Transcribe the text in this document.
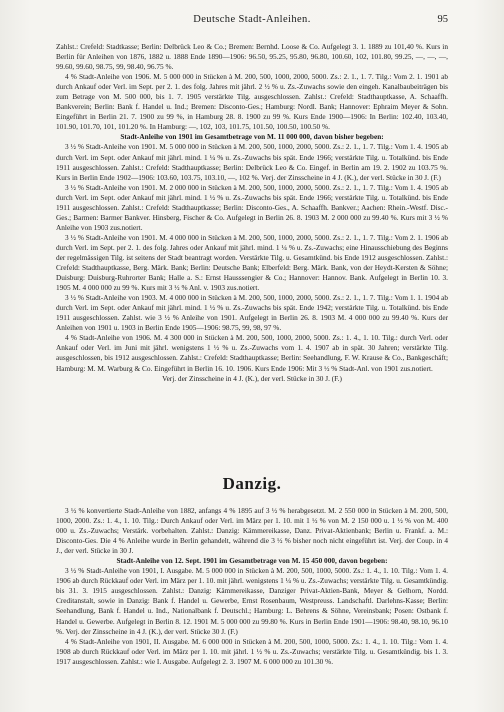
Deutsche Stadt-Anleihen.	95

Zahlst.: Crefeld: Stadtkasse; Berlin: Delbrück Leo & Co.; Bremen: Bernhd. Loose & Co. Aufgelegt 3. 1. 1889 zu 101,40 %. Kurs in Berlin für Anleihen von 1876, 1882 u. 1888 Ende 1890—1906: 96.50, 95.25, 95.80, 96.80, 100.60, 102, 101.80, 99.25, —, —, —, 99.60, 99.60, 98.75, 99, 98.40, 96.75 %.

4 % Stadt-Anleihe von 1906. M. 5 000 000 in Stücken à M. 200, 500, 1000, 2000, 5000. Zs.: 2. 1., 1. 7. Tilg.: Vom 2. 1. 1901 ab durch Ankauf oder Verl. im Sept. per 2. 1. des folg. Jahres mit jährl. 2 ½ % u. Zs.-Zuwachs sowie den eingeh. Kanalbaubeiträgen bis zum Betrage von M. 500 000, bis 1. 7. 1905 verstärkte Tilg. ausgeschlossen. Zahlst.: Crefeld: Stadthauptkasse, A. Schaaffh. Bankverein; Berlin: Bank f. Handel u. Ind.; Bremen: Disconto-Ges.; Hamburg: Nordl. Bank; Hannover: Ephraim Meyer & Sohn. Eingeführt in Berlin 21. 7. 1900 zu 99 %, in Hamburg 28. 8. 1900 zu 99 %. Kurs Ende 1900—1906: In Berlin: 102.40, 103.40, 101.90, 101.70, 101, 101.20 %. In Hamburg: —, 102, 103, 101.75, 101.50, 100.50, 100.50 %.

Stadt-Anleihe von 1901 im Gesamtbetrage von M. 11 000 000, davon bisher begeben:

3 ½ % Stadt-Anleihe von 1901. M. 5 000 000 in Stücken à M. 200, 500, 1000, 2000, 5000. Zs.: 2. 1., 1. 7. Tilg.: Vom 1. 4. 1905 ab durch Verl. im Sept. oder Ankauf mit jährl. mind. 1 ¼ % u. Zs.-Zuwachs bis spät. Ende 1966; verstärkte Tilg. u. Totalkünd. bis Ende 1911 ausgeschlossen. Zahlst.: Crefeld: Stadthauptkasse; Berlin: Delbrück Leo & Co. Eingef. in Berlin am 19. 2. 1902 zu 103.75 %. Kurs in Berlin Ende 1902—1906: 103.60, 103.75, 103.10, —, 102 %. Verj. der Zinsscheine in 4 J. (K.), der verl. Stücke in 30 J. (F.)

3 ½ % Stadt-Anleihe von 1901. M. 2 000 000 in Stücken à M. 200, 500, 1000, 2000, 5000. Zs.: 2. 1., 1. 7. Tilg.: Vom 1. 4. 1905 ab durch Verl. im Sept. oder Ankauf mit jährl. mind. 1 ½ % u. Zs.-Zuwachs bis spät. Ende 1966; verstärkte Tilg. u. Totalkünd. bis Ende 1911 ausgeschlossen. Zahlst.: Crefeld: Stadthauptkasse; Berlin: Disconto-Ges., A. Schaaffh. Bankver.; Aachen: Rhein.-Westf. Disc.-Ges.; Barmen: Barmer Bankver. Hinsberg, Fischer & Co. Aufgelegt in Berlin 26. 8. 1903 M. 2 000 000 zu 99.40 %. Kurs mit 3 ½ % Anleihe von 1903 zus.notiert.

3 ½ % Stadt-Anleihe von 1901. M. 4 000 000 in Stücken à M. 200, 500, 1000, 2000, 5000. Zs.: 2. 1., 1. 7. Tilg.: Vom 2. 1. 1906 ab durch Verl. im Sept. per 2. 1. des folg. Jahres oder Ankauf mit jährl. mind. 1 ¼ % u. Zs.-Zuwachs; eine Hinausschiebung des Beginns der regelmässigen Tilg. ist seitens der Stadt beantragt worden. Verstärkte Tilg. u. Gesamtkünd. bis Ende 1912 ausgeschlossen. Zahlst.: Crefeld: Stadthauptkasse, Berg. Märk. Bank; Berlin: Deutsche Bank; Elberfeld: Berg. Märk. Bank, von der Heydt-Kersten & Söhne; Duisburg: Duisburg-Ruhrorter Bank; Halle a. S.: Ernst Hausssengier & Co.; Hannover: Hannov. Bank. Aufgelegt in Berlin 10. 3. 1905 M. 4 000 000 zu 99 %. Kurs mit 3 ½ % Anl. v. 1903 zus.notiert.

3 ½ % Stadt-Anleihe von 1903. M. 4 000 000 in Stücken à M. 200, 500, 1000, 2000, 5000. Zs.: 2. 1., 1. 7. Tilg.: Vom 1. 1. 1904 ab durch Verl. im Sept. oder Ankauf mit jährl. mind. 1 ½ % u. Zs.-Zuwachs bis spät. Ende 1942; verstärkte Tilg. u. Totalkünd. bis Ende 1911 ausgeschlossen. Zahlst. wie 3 ½ % Anleihe von 1901. Aufgelegt in Berlin 26. 8. 1903 M. 4 000 000 zu 99.40 %. Kurs der Anleihen von 1901 u. 1903 in Berlin Ende 1905—1906: 98.75, 99, 98, 97 %.

4 % Stadt-Anleihe von 1906. M. 4 300 000 in Stücken à M. 200, 500, 1000, 2000, 5000. Zs.: 1. 4., 1. 10. Tilg.: durch Verl. oder Ankauf oder Verl. im Juni mit jährl. wenigstens 1 ½ % u. Zs.-Zuwachs vom 1. 4. 1907 ab in spät. 30 Jahren; verstärkte Tilg. ausgeschlossen, bis 1912 ausgeschlossen. Zahlst.: Crefeld: Stadthauptkasse; Berlin: Seehandlung, F. W. Krause & Co., Bankgeschäft; Hamburg: M. M. Warburg & Co. Eingeführt in Berlin 16. 10. 1906. Kurs Ende 1906: Mit 3 ½ % Stadt-Anl. von 1901 zus.notiert.

Verj. der Zinsscheine in 4 J. (K.), der verl. Stücke in 30 J. (F.)

Danzig.

3 ½ % konvertierte Stadt-Anleihe von 1882, anfangs 4 % 1895 auf 3 ½ % herabgesetzt. M. 2 550 000 in Stücken à M. 200, 500, 1000, 2000. Zs.: 1. 4., 1. 10. Tilg.: Durch Ankauf oder Verl. im März per 1. 10. mit 1 ½ % von M. 2 150 000 u. 1 ½ % von M. 400 000 u. Zs.-Zuwachs; Verstärk. vorbehalten. Zahlst.: Danzig: Kämmereikasse, Danz. Privat-Aktienbank; Berlin u. Frankf. a. M.: Disconto-Ges. Die 4 % Anleihe wurde in Berlin gehandelt, während die 3 ½ % bisher noch nicht eingeführt ist. Verj. der Coup. in 4 J., der verl. Stücke in 30 J.

Stadt-Anleihe von 12. Sept. 1901 im Gesamtbetrage von M. 15 450 000, davon begeben:

3 ½ % Stadt-Anleihe von 1901, I. Ausgabe. M. 5 000 000 in Stücken à M. 200, 500, 1000, 5000. Zs.: 1. 4., 1. 10. Tilg.: Vom 1. 4. 1906 ab durch Rückkauf oder Verl. im März per 1. 10. mit jährl. wenigstens 1 ¼ % u. Zs.-Zuwachs; verstärkte Tilg. u. Gesamtkündig. bis 31. 3. 1915 ausgeschlossen. Zahlst.: Danzig: Kämmereikasse, Danziger Privat-Aktien-Bank, Meyer & Gelhorn, Nordd. Creditanstalt, sowie in Danzig: Bank f. Handel u. Gewerbe, Ernst Rosenbaum, Westpreuss. Landschaftl. Darlehns-Kasse; Berlin: Seehandlung, Bank f. Handel u. Ind., Nationalbank f. Deutschl.; Hamburg: L. Behrens & Söhne, Vereinsbank; Posen: Ostbank f. Handel u. Gewerbe. Aufgelegt in Berlin 8. 12. 1901 M. 5 000 000 zu 99.80 %. Kurs in Berlin Ende 1901—1906: 98.40, 98.10, 96.10 %. Verj. der Zinsscheine in 4 J. (K.), der verl. Stücke 30 J. (F.)

4 % Stadt-Anleihe von 1901, II. Ausgabe. M. 6 000 000 in Stücken à M. 200, 500, 1000, 5000. Zs.: 1. 4., 1. 10. Tilg.: Vom 1. 4. 1908 ab durch Rückkauf oder Verl. im März per 1. 10. mit jährl. 1 ½ % u. Zs.-Zuwachs; verstärkte Tilg. u. Gesamtkündig. bis 1. 3. 1917 ausgeschlossen. Zahlst.: wie I. Ausgabe. Aufgelegt 2. 3. 1907 M. 6 000 000 zu 101.30 %.
